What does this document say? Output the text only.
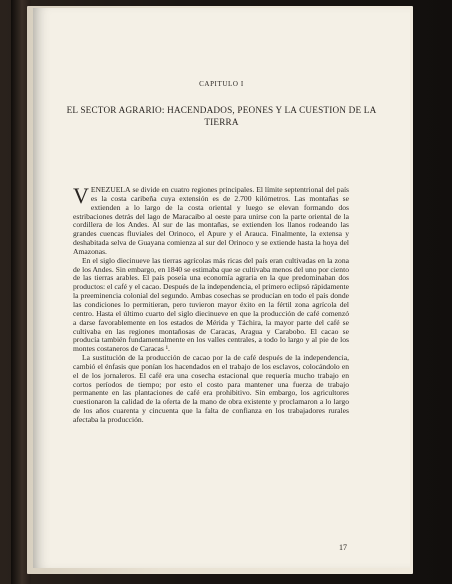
CAPITULO I
EL SECTOR AGRARIO: HACENDADOS, PEONES Y LA CUESTION DE LA TIERRA

VENEZUELA se divide en cuatro regiones principales. El límite septentrional del país es la costa caribeña cuya extensión es de 2.700 kilómetros. Las montañas se extienden a lo largo de la costa oriental y luego se elevan formando dos estribaciones detrás del lago de Maracaibo al oeste para unirse con la parte oriental de la cordillera de los Andes. Al sur de las montañas, se extienden los llanos rodeando las grandes cuencas fluviales del Orinoco, el Apure y el Arauca. Finalmente, la extensa y deshabitada selva de Guayana comienza al sur del Orinoco y se extiende hasta la hoya del Amazonas.

En el siglo diecinueve las tierras agrícolas más ricas del país eran cultivadas en la zona de los Andes. Sin embargo, en 1840 se estimaba que se cultivaba menos del uno por ciento de las tierras arables. El país poseía una economía agraria en la que predominaban dos productos: el café y el cacao. Después de la independencia, el primero eclipsó rápidamente la preeminencia colonial del segundo. Ambas cosechas se producían en todo el país donde las condiciones lo permitieran, pero tuvieron mayor éxito en la fértil zona agrícola del centro. Hasta el último cuarto del siglo diecinueve en que la producción de café comenzó a darse favorablemente en los estados de Mérida y Táchira, la mayor parte del café se cultivaba en las regiones montañosas de Caracas, Aragua y Carabobo. El cacao se producía también fundamentalmente en los valles centrales, a todo lo largo y al pie de los montes costaneros de Caracas ¹.

La sustitución de la producción de cacao por la de café después de la independencia, cambió el énfasis que ponían los hacendados en el trabajo de los esclavos, colocándolo en el de los jornaleros. El café era una cosecha estacional que requería mucho trabajo en cortos períodos de tiempo; por esto el costo para mantener una fuerza de trabajo permanente en las plantaciones de café era prohibitivo. Sin embargo, los agricultores cuestionaron la calidad de la oferta de la mano de obra existente y proclamaron a lo largo de los años cuarenta y cincuenta que la falta de confianza en los trabajadores rurales afectaba la producción.

17
